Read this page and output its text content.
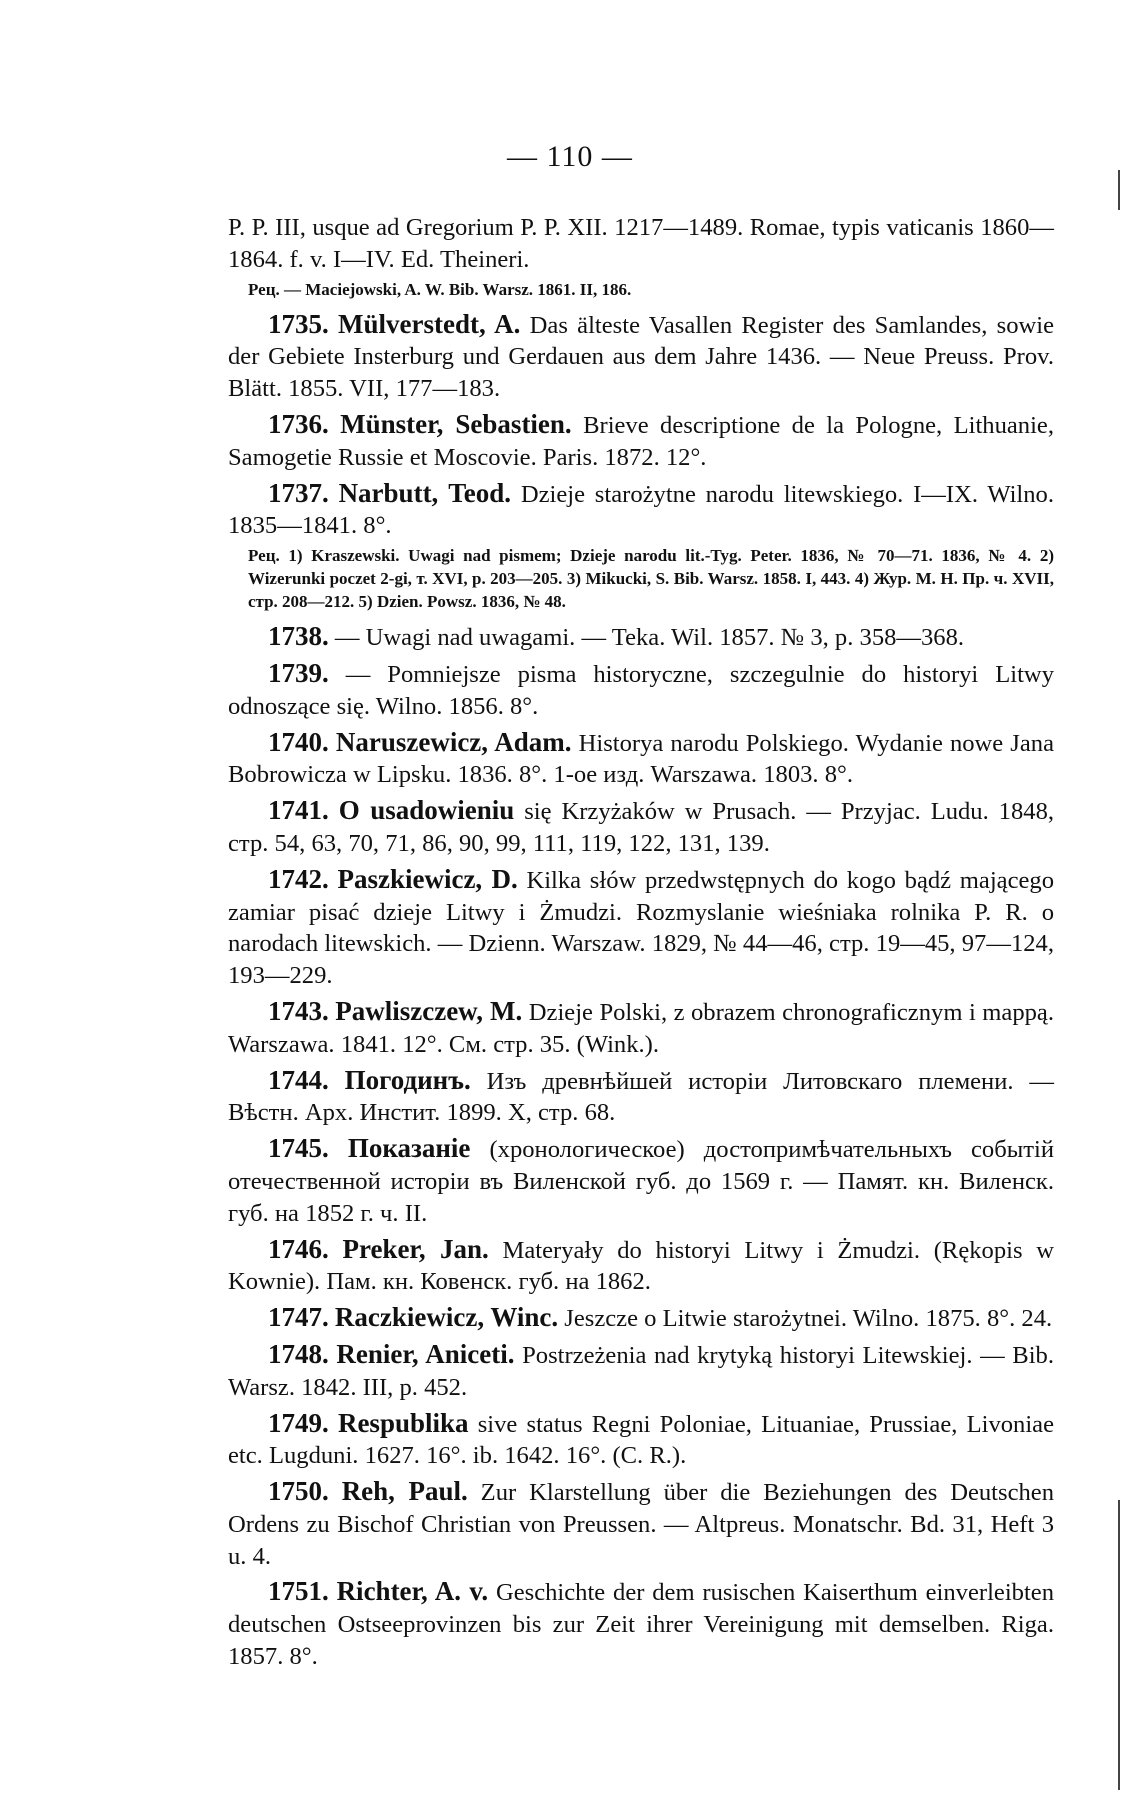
— 110 —

P. P. III, usque ad Gregorium P. P. XII. 1217—1489. Romae, typis vaticanis 1860—1864. f. v. I—IV. Ed. Theineri.

Рец. — Maciejowski, A. W. Bib. Warsz. 1861. II, 186.

1735. Mülverstedt, A. Das älteste Vasallen Register des Samlandes, sowie der Gebiete Insterburg und Gerdauen aus dem Jahre 1436. — Neue Preuss. Prov. Blätt. 1855. VII, 177—183.

1736. Münster, Sebastien. Brieve descriptione de la Pologne, Lithuanie, Samogetie Russie et Moscovie. Paris. 1872. 12°.

1737. Narbutt, Teod. Dzieje starożytne narodu litewskiego. I—IX. Wilno. 1835—1841. 8°.

Рец. 1) Kraszewski. Uwagi nad pismem; Dzieje narodu lit.-Tyg. Peter. 1836, № 70—71. 1836, № 4. 2) Wizerunki poczet 2-gi, т. XVI, p. 203—205. 3) Mikucki, S. Bib. Warsz. 1858. I, 443. 4) Жур. M. H. Пр. ч. XVII, стр. 208—212. 5) Dzien. Powsz. 1836, № 48.

1738. — Uwagi nad uwagami. — Teka. Wil. 1857. № 3, p. 358—368.

1739. — Pomniejsze pisma historyczne, szczegulnie do historyi Litwy odnoszące się. Wilno. 1856. 8°.

1740. Naruszewicz, Adam. Historya narodu Polskiego. Wydanie nowe Jana Bobrowicza w Lipsku. 1836. 8°. 1-oe изд. Warszawa. 1803. 8°.

1741. O usadowieniu się Krzyżaków w Prusach. — Przyjac. Ludu. 1848, стр. 54, 63, 70, 71, 86, 90, 99, 111, 119, 122, 131, 139.

1742. Paszkiewicz, D. Kilka słów przedwstępnych do kogo bądź mającego zamiar pisać dzieje Litwy i Żmudzi. Rozmyslanie wieśniaka rolnika P. R. o narodach litewskich. — Dzienn. Warszaw. 1829, № 44—46, стр. 19—45, 97—124, 193—229.

1743. Pawliszczew, M. Dzieje Polski, z obrazem chronograficznym i mappą. Warszawa. 1841. 12°. См. стр. 35. (Wink.).

1744. Погодинъ. Изъ древнѣйшей исторіи Литовскаго племени. — Вѣстн. Арх. Инстит. 1899. X, стр. 68.

1745. Показаніе (хронологическое) достопримѣчательныхъ событій отечественной исторіи въ Виленской губ. до 1569 г. — Памят. кн. Виленск. губ. на 1852 г. ч. II.

1746. Preker, Jan. Materyały do historyi Litwy i Żmudzi. (Rękopis w Kownie). Пам. кн. Ковенск. губ. на 1862.

1747. Raczkiewicz, Winc. Jeszcze o Litwie starożytnei. Wilno. 1875. 8°. 24.

1748. Renier, Aniceti. Postrzeżenia nad krytyką historyi Litewskiej. — Bib. Warsz. 1842. III, p. 452.

1749. Respublika sive status Regni Poloniae, Lituaniae, Prussiae, Livoniae etc. Lugduni. 1627. 16°. ib. 1642. 16°. (C. R.).

1750. Reh, Paul. Zur Klarstellung über die Beziehungen des Deutschen Ordens zu Bischof Christian von Preussen. — Altpreus. Monatschr. Bd. 31, Heft 3 u. 4.

1751. Richter, A. v. Geschichte der dem rusischen Kaiserthum einverleibten deutschen Ostseeprovinzen bis zur Zeit ihrer Vereinigung mit demselben. Riga. 1857. 8°.
